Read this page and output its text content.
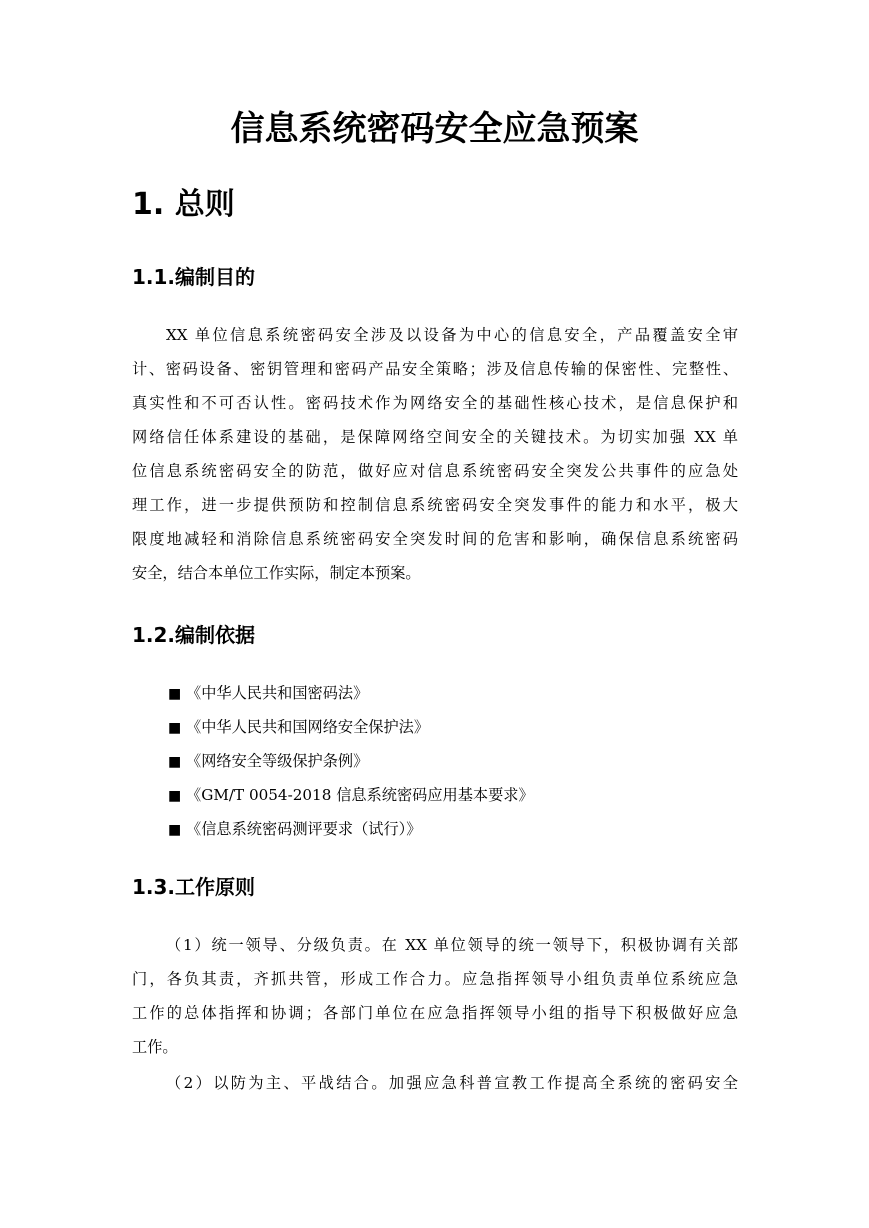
信息系统密码安全应急预案
1. 总则
1.1.编制目的
XX 单位信息系统密码安全涉及以设备为中心的信息安全，产品覆盖安全审
计、密码设备、密钥管理和密码产品安全策略；涉及信息传输的保密性、完整性、
真实性和不可否认性。密码技术作为网络安全的基础性核心技术，是信息保护和
网络信任体系建设的基础，是保障网络空间安全的关键技术。为切实加强 XX 单
位信息系统密码安全的防范，做好应对信息系统密码安全突发公共事件的应急处
理工作，进一步提供预防和控制信息系统密码安全突发事件的能力和水平，极大
限度地减轻和消除信息系统密码安全突发时间的危害和影响，确保信息系统密码
安全，结合本单位工作实际，制定本预案。
1.2.编制依据
■ 《中华人民共和国密码法》
■ 《中华人民共和国网络安全保护法》
■ 《网络安全等级保护条例》
■ 《GM/T 0054-2018 信息系统密码应用基本要求》
■ 《信息系统密码测评要求（试行）》
1.3.工作原则
（1）统一领导、分级负责。在 XX 单位领导的统一领导下，积极协调有关部
门，各负其责，齐抓共管，形成工作合力。应急指挥领导小组负责单位系统应急
工作的总体指挥和协调；各部门单位在应急指挥领导小组的指导下积极做好应急
工作。
（2）以防为主、平战结合。加强应急科普宣教工作提高全系统的密码安全
